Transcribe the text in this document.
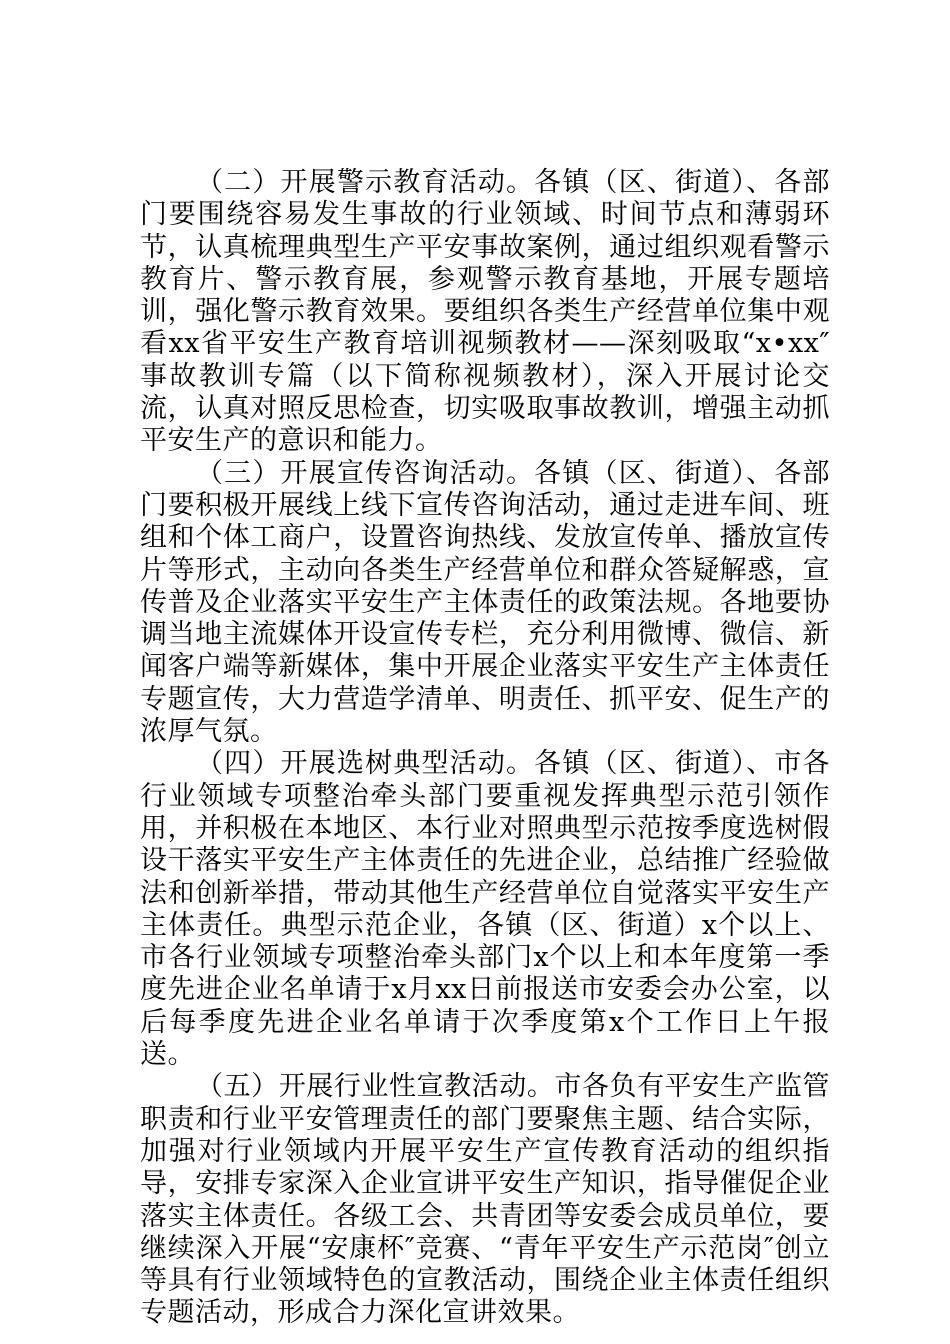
（二）开展警示教育活动。各镇（区、街道）、各部门要围绕容易发生事故的行业领域、时间节点和薄弱环节，认真梳理典型生产平安事故案例，通过组织观看警示教育片、警示教育展，参观警示教育基地，开展专题培训，强化警示教育效果。要组织各类生产经营单位集中观看xx省平安生产教育培训视频教材——深刻吸取“x•xx″事故教训专篇（以下简称视频教材），深入开展讨论交流，认真对照反思检查，切实吸取事故教训，增强主动抓平安生产的意识和能力。

（三）开展宣传咨询活动。各镇（区、街道）、各部门要积极开展线上线下宣传咨询活动，通过走进车间、班组和个体工商户，设置咨询热线、发放宣传单、播放宣传片等形式，主动向各类生产经营单位和群众答疑解惑，宣传普及企业落实平安生产主体责任的政策法规。各地要协调当地主流媒体开设宣传专栏，充分利用微博、微信、新闻客户端等新媒体，集中开展企业落实平安生产主体责任专题宣传，大力营造学清单、明责任、抓平安、促生产的浓厚气氛。

（四）开展选树典型活动。各镇（区、街道）、市各行业领域专项整治牵头部门要重视发挥典型示范引领作用，并积极在本地区、本行业对照典型示范按季度选树假设干落实平安生产主体责任的先进企业，总结推广经验做法和创新举措，带动其他生产经营单位自觉落实平安生产主体责任。典型示范企业，各镇（区、街道）x个以上、市各行业领域专项整治牵头部门x个以上和本年度第一季度先进企业名单请于x月xx日前报送市安委会办公室，以后每季度先进企业名单请于次季度第x个工作日上午报送。

（五）开展行业性宣教活动。市各负有平安生产监管职责和行业平安管理责任的部门要聚焦主题、结合实际，加强对行业领域内开展平安生产宣传教育活动的组织指导，安排专家深入企业宣讲平安生产知识，指导催促企业落实主体责任。各级工会、共青团等安委会成员单位，要继续深入开展“安康杯″竞赛、“青年平安生产示范岗″创立等具有行业领域特色的宣教活动，围绕企业主体责任组织专题活动，形成合力深化宣讲效果。
